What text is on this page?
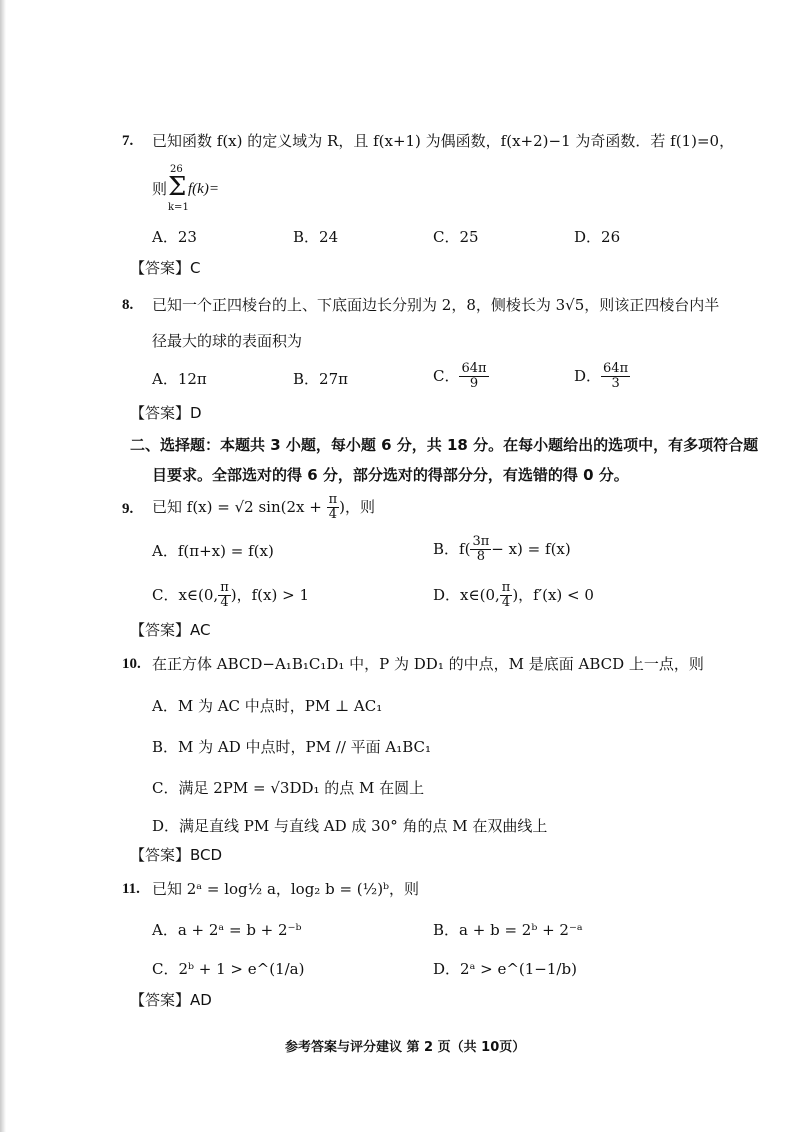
7. 已知函数 f(x) 的定义域为 R，且 f(x+1) 为偶函数，f(x+2)−1 为奇函数．若 f(1)=0，
则
26
Σ
k=1
f(k)=
A．23	B．24	C．25	D．26
【答案】C
8. 已知一个正四棱台的上、下底面边长分别为 2，8，侧棱长为 3√5，则该正四棱台内半
径最大的球的表面积为
A．12π	B．27π	C． $\frac{64\pi}{9}$	D． $\frac{64\pi}{3}$
【答案】D
二、选择题：本题共 3 小题，每小题 6 分，共 18 分。在每小题给出的选项中，有多项符合题
目要求。全部选对的得 6 分，部分选对的得部分分，有选错的得 0 分。
9. 已知 f(x) = √2 $\sin(2x + \frac{\pi}{4}$ )，则
A．f(π+x) = f(x)	B．$f( \frac{3\pi}{8} - x) = f(x)$
C．x∈(0, $\frac{\pi}{4}$ )，f(x) > 1	D．x∈(0, $\frac{\pi}{4}$ )，f′(x) < 0
【答案】AC
10. 在正方体 ABCD−A₁B₁C₁D₁ 中，P 为 DD₁ 的中点，M 是底面 ABCD 上一点，则
A．M 为 AC 中点时，PM ⊥ AC₁
B．M 为 AD 中点时，PM // 平面 A₁BC₁
C．满足 2PM = √3DD₁ 的点 M 在圆上
D．满足直线 PM 与直线 AD 成 30° 角的点 M 在双曲线上
【答案】BCD
11. 已知 2ᵃ = log½ a，log₂ b = (½)ᵇ，则
A．a + 2ᵃ = b + 2⁻ᵇ	B．a + b = 2ᵇ + 2⁻ᵃ
C．2ᵇ + 1 > e^(1/a)	D．2ᵃ > e^(1−1/b)
【答案】AD
参考答案与评分建议 第 2 页（共 10页）
